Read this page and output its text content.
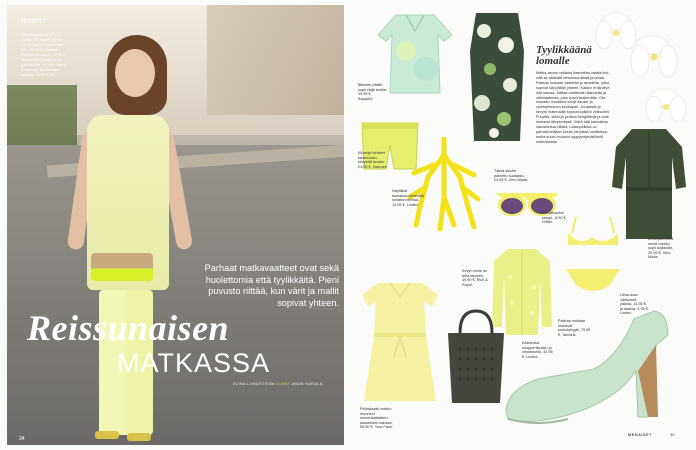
muoti
Kukkakorvakorut, 17,9 €, Guess. Lila-hamel, tekijan, 200 €, Tarifoli Sevas. Bilton-koru, 22,90 €, Sandaalit, Samantha-kukkaro, 39,90 €, Marimekko. Kukkaromuki pikkulaukku, 29,95 €, Pilot & Campoma, Kaulamaskin arvokas, 39,90 €, Pih.
Parhaat matkavaatteet ovat sekä huolettomia että tyylikkäitä. Pieni puvusto riittää, kun värit ja mallit sopivat yhteen.
Reissunaisen
MATKASSA
ELINA LUNDSTRÖM KUVAT ASUN HARALA
34
Bikinien päälle sopii väljä tunika, 19,95 €, KappAhl.
Tässä sinulle painettu kuosiasu, 24,95 €, Vero Moda.
Tyylikkäänä lomalle
Matka-asuun valitaan kannattaa varata tovi, sillä se säästää reissussa aikaa ja rahaa. Pakkaa mukaan vaatteita ja asusteita, jotka sopivat sävyiltään yhteen. Kaiken ei tarvitse olla samaa. Valitse vaatteisiin tilannetta ja värimaailmaa, joka toimii keskenään. Ota mukaan muutama kevyt asuste ja vaihtoehtoinen kenkäpari. Joustavat ja kevyet materiaalit sopivat kaikkiin reissuihin. Puuvilla, silkki ja pellava hengittävät ja ovat mukavia lämpimässä. Viileä sää kannattaa varustautua villalla. Laskupellava on parhaimmillaan kesän kevyissä vaatteissa, mutta suosi muutoin ryppyyntymättömiä materiaaleja.
Kiharilyt lahkeet takamukan kevyellä tavalla. 24,95 €, Halonen.
Näyttävä kaulakoru ilmentää lomatunnelmaa, 14,95 €, Lindex.
Persikkavärit kehyk., 8,90 €, Glitter.
Armeijanvihreä neule-mekko sopii kaikkialle, 29,95 €, Vero Moda.
Uima-asun väritykset, yläosa, 14,95 €, ja alaosa, 9,95 €, Lindex.
Kevyt neule on aina tarpeen, 39,90 €, Rich & Royal.
Pellaslaasti mekko muuntuu monenkaltaisten asusteiden kanssa, 59,90 €, Your Face.
Käsiveska shopperilaukku ja ventassella, 32,95 €, Lindex.
Pakkaa mukaan mukavat korkokengät, 79,95 €, Tamaris.
MENAISET	35
